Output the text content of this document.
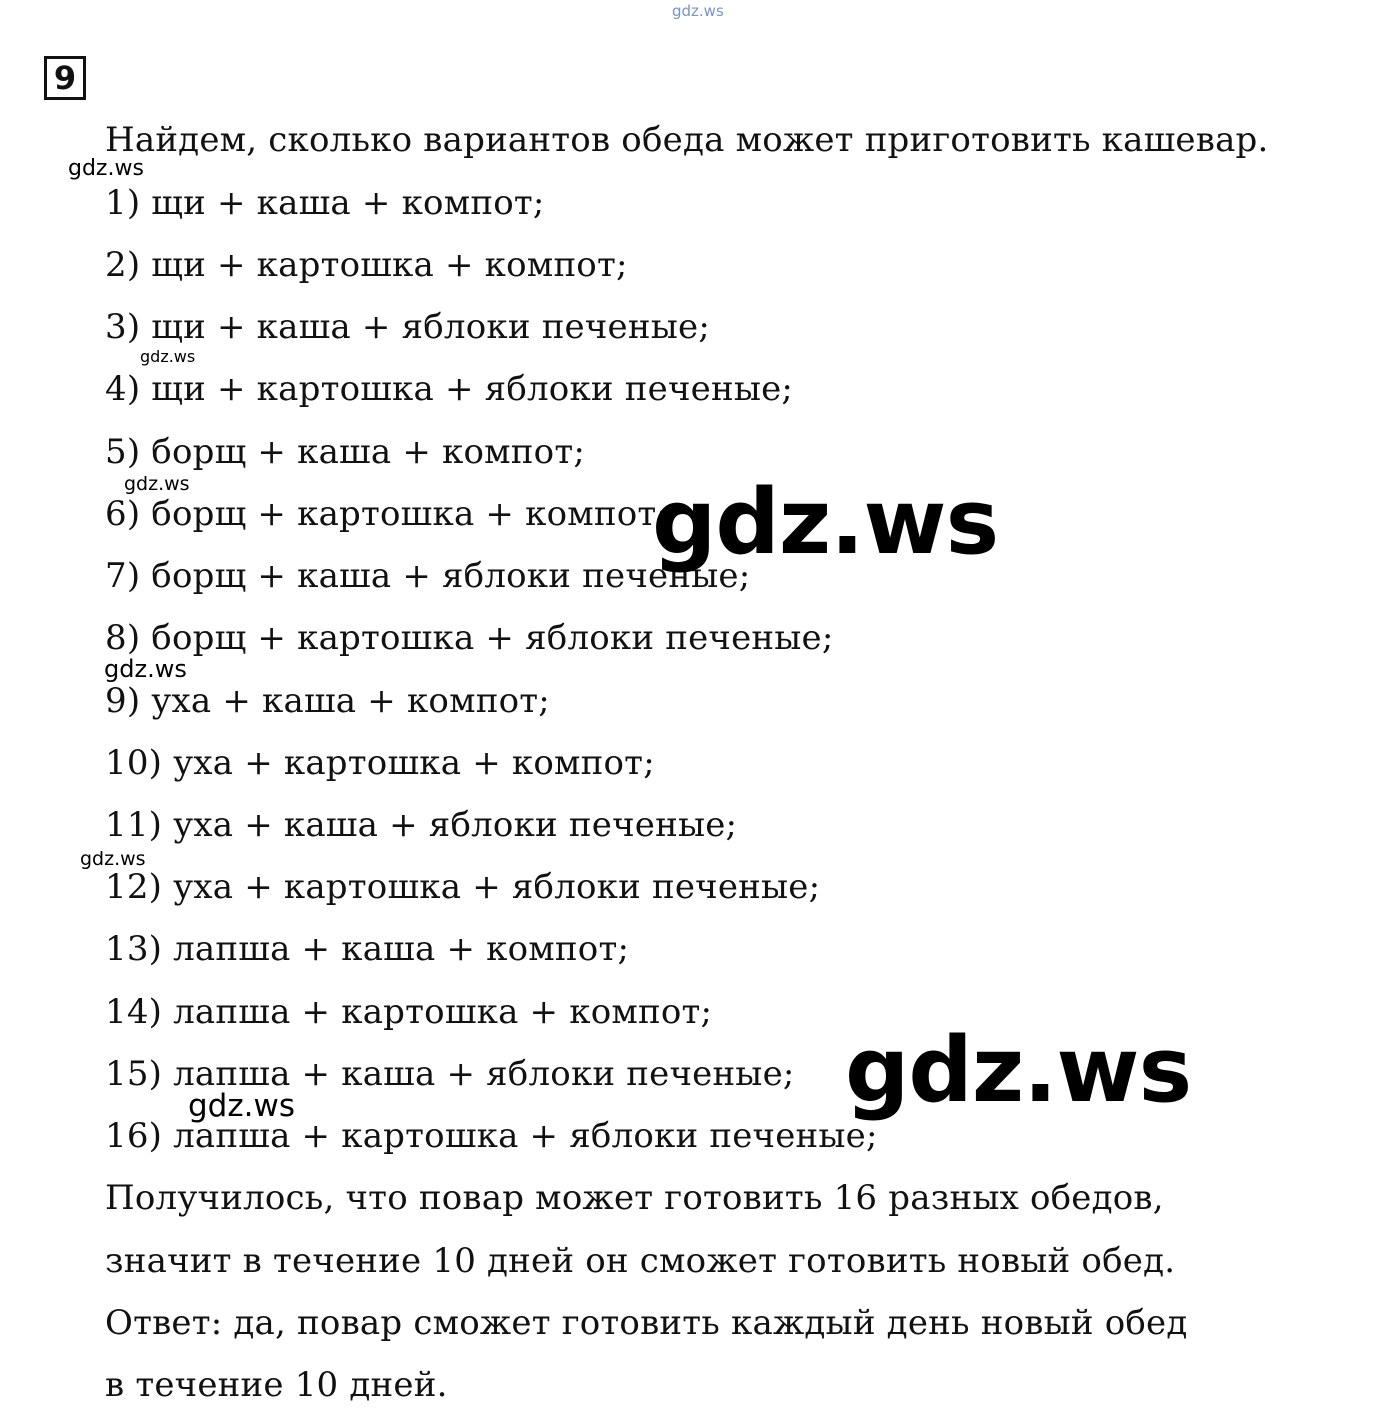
gdz.ws
9
Найдем, сколько вариантов обеда может приготовить кашевар.
1) щи + каша + компот;
2) щи + картошка + компот;
3) щи + каша + яблоки печеные;
4) щи + картошка + яблоки печеные;
5) борщ + каша + компот;
6) борщ + картошка + компот;
7) борщ + каша + яблоки печеные;
8) борщ + картошка + яблоки печеные;
9) уха + каша + компот;
10) уха + картошка + компот;
11) уха + каша + яблоки печеные;
12) уха + картошка + яблоки печеные;
13) лапша + каша + компот;
14) лапша + картошка + компот;
15) лапша + каша + яблоки печеные;
16) лапша + картошка + яблоки печеные;
Получилось, что повар может готовить 16 разных обедов,
значит в течение 10 дней он сможет готовить новый обед.
Ответ: да, повар сможет готовить каждый день новый обед
в течение 10 дней.
gdz.ws
gdz.ws
gdz.ws	gdz.ws
gdz.ws
gdz.ws
gdz.ws
gdz.ws
